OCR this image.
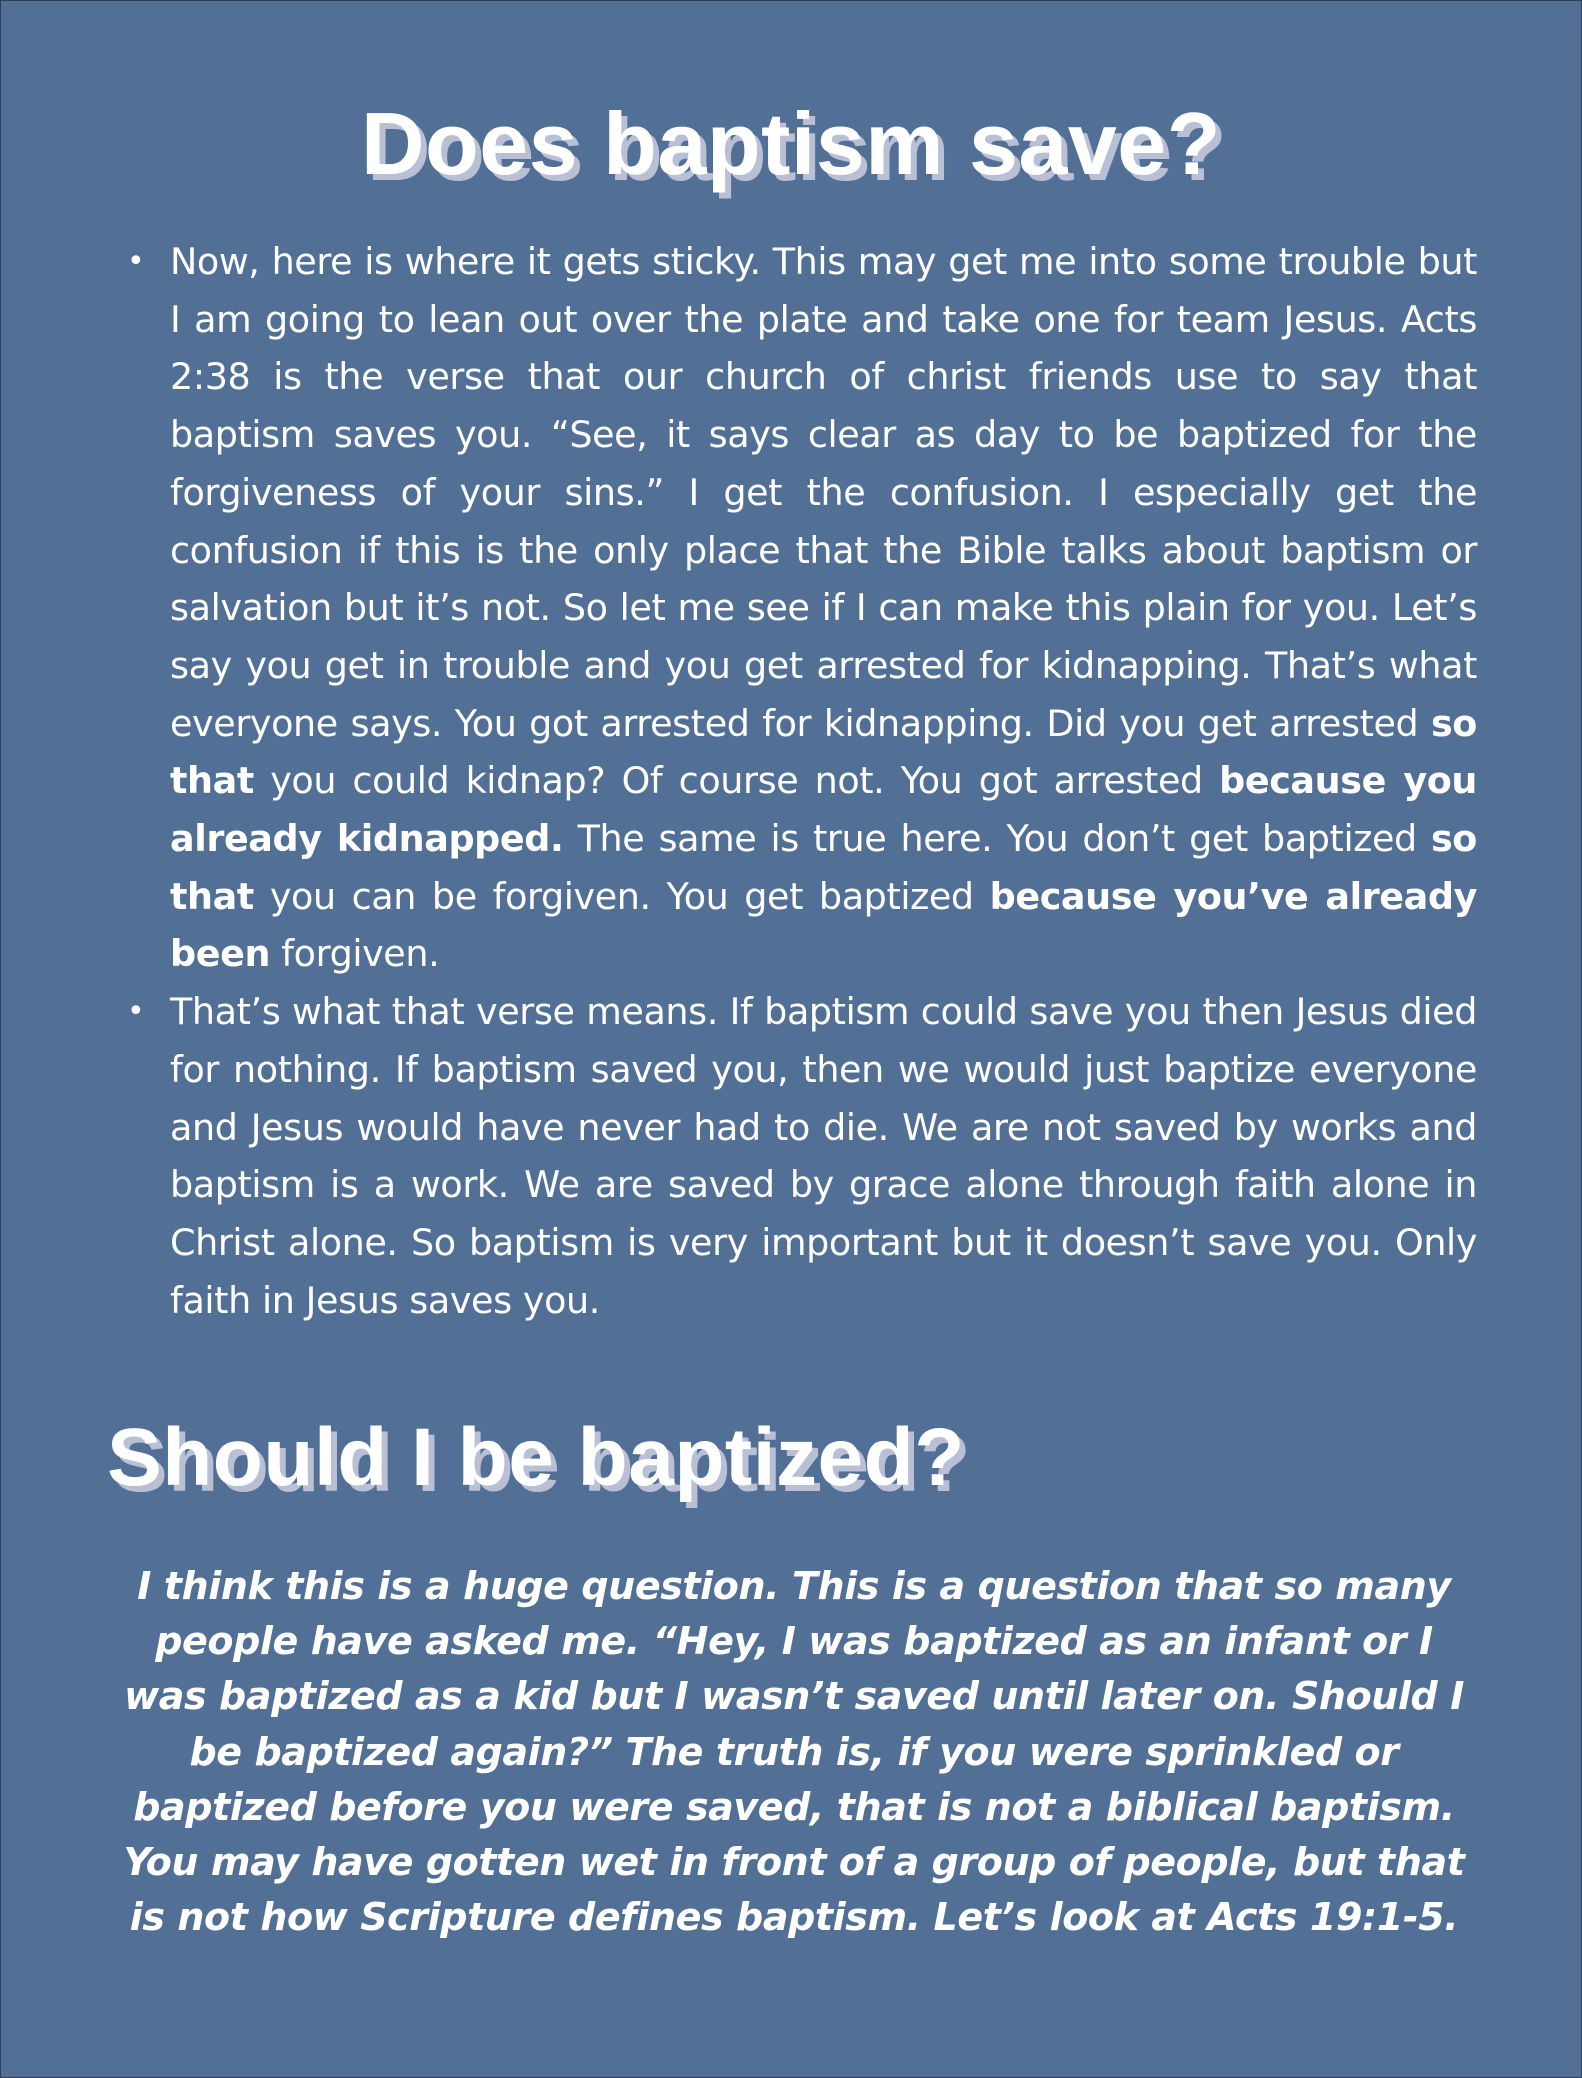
Does baptism save?
• Now, here is where it gets sticky. This may get me into some trouble but I am going to lean out over the plate and take one for team Jesus. Acts 2:38 is the verse that our church of christ friends use to say that baptism saves you. “See, it says clear as day to be baptized for the forgiveness of your sins.” I get the confusion. I especially get the confusion if this is the only place that the Bible talks about baptism or salvation but it’s not. So let me see if I can make this plain for you. Let’s say you get in trouble and you get arrested for kidnapping. That’s what everyone says. You got arrested for kidnapping. Did you get arrested so that you could kidnap? Of course not. You got arrested because you already kidnapped. The same is true here. You don’t get baptized so that you can be forgiven. You get baptized because you’ve already been forgiven.
• That’s what that verse means. If baptism could save you then Jesus died for nothing. If baptism saved you, then we would just baptize everyone and Jesus would have never had to die. We are not saved by works and baptism is a work. We are saved by grace alone through faith alone in Christ alone. So baptism is very important but it doesn’t save you. Only faith in Jesus saves you.
Should I be baptized?

I think this is a huge question. This is a question that so many people have asked me. “Hey, I was baptized as an infant or I was baptized as a kid but I wasn’t saved until later on. Should I be baptized again?” The truth is, if you were sprinkled or baptized before you were saved, that is not a biblical baptism. You may have gotten wet in front of a group of people, but that is not how Scripture defines baptism. Let’s look at Acts 19:1-5.
